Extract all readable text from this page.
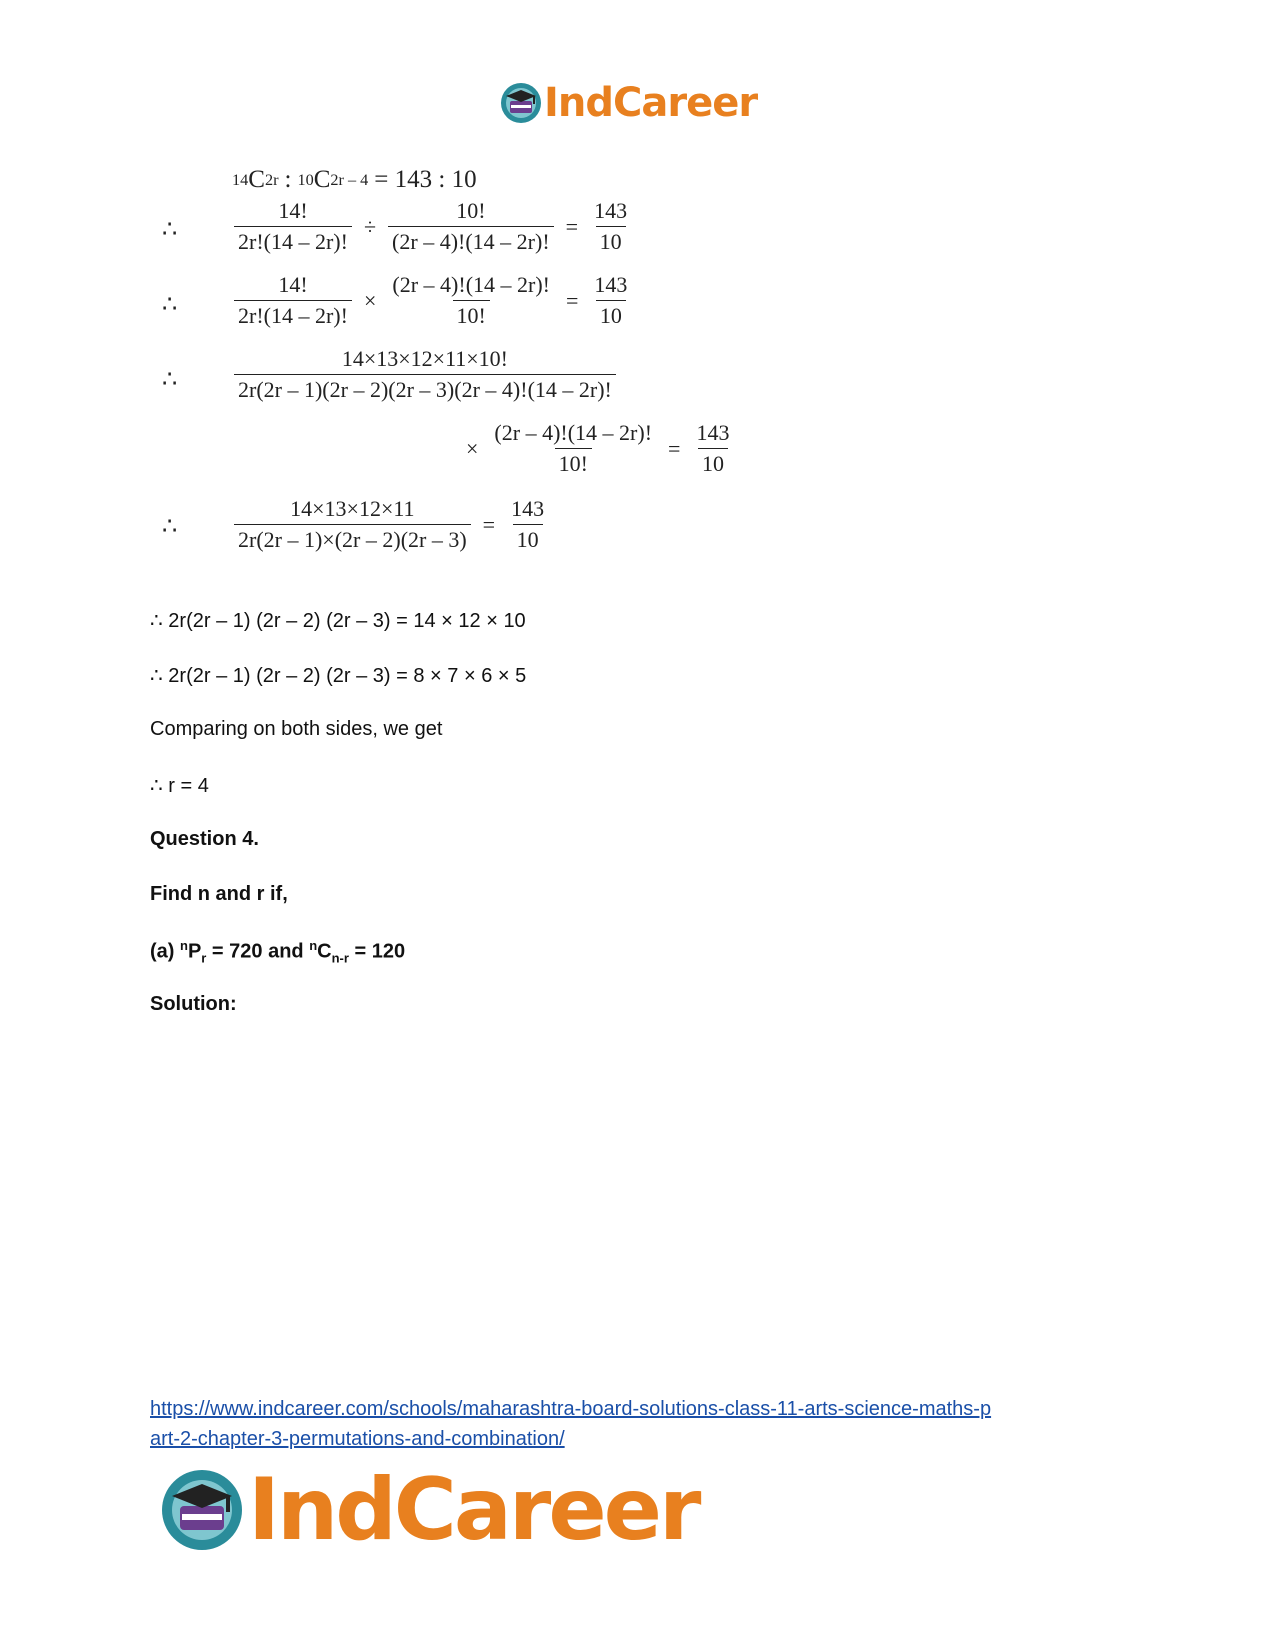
IndCareer
14 C 2r : 10 C 2r – 4 = 143 : 10
∴	$\frac{14!}{2r!(14 - 2r)!} \div \frac{10!}{(2r - 4)!(14 - 2r)!} = \frac{143}{10}$
∴	$\frac{14!}{2r!(14 - 2r)!} \times \frac{(2r - 4)!(14 - 2r)!}{10!} = \frac{143}{10}$
∴	$\frac{14\times 13\times 12\times 11\times 10!}{2r(2r - 1)(2r - 2)(2r - 3)(2r - 4)!(14 - 2r)!}$
× $\frac{(2r - 4)!(14 - 2r)!}{10!} = \frac{143}{10}$
∴	$\frac{14\times 13\times 12\times 11}{2r(2r - 1)\times(2r - 2)(2r - 3)} = \frac{143}{10}$
∴ 2r(2r – 1) (2r – 2) (2r – 3) = 14 × 12 × 10
∴ 2r(2r – 1) (2r – 2) (2r – 3) = 8 × 7 × 6 × 5
Comparing on both sides, we get
∴ r = 4
Question 4.
Find n and r if,
(a) $^nP_r = 720$ and $^nC_{n-r} = 120$
Solution:
https://www.indcareer.com/schools/maharashtra-board-solutions-class-11-arts-science-maths-p
art-2-chapter-3-permutations-and-combination/
IndCareer
